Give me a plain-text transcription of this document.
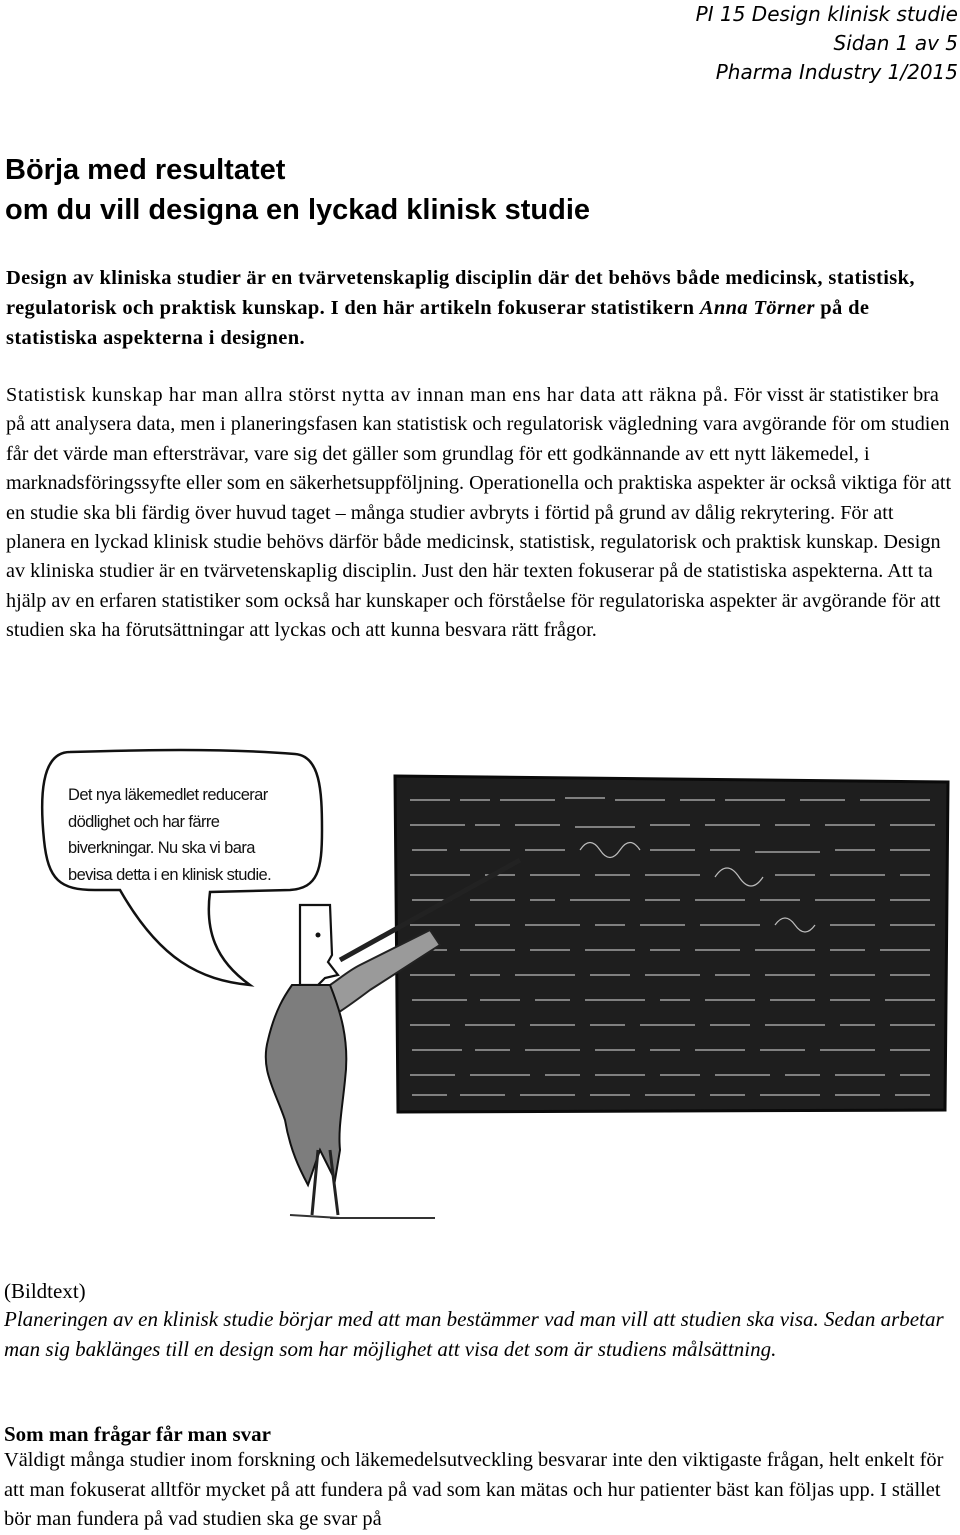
PI 15 Design klinisk studie
Sidan 1 av 5
Pharma Industry 1/2015
Börja med resultatet
om du vill designa en lyckad klinisk studie

Design av kliniska studier är en tvärvetenskaplig disciplin där det behövs både medicinsk, statistisk, regulatorisk och praktisk kunskap. I den här artikeln fokuserar statistikern Anna Törner på de statistiska aspekterna i designen.

Statistisk kunskap har man allra störst nytta av innan man ens har data att räkna på. För visst är statistiker bra på att analysera data, men i planeringsfasen kan statistisk och regulatorisk vägledning vara avgörande för om studien får det värde man eftersträvar, vare sig det gäller som grundlag för ett godkännande av ett nytt läkemedel, i marknadsföringssyfte eller som en säkerhetsuppföljning. Operationella och praktiska aspekter är också viktiga för att en studie ska bli färdig över huvud taget – många studier avbryts i förtid på grund av dålig rekrytering. För att planera en lyckad klinisk studie behövs därför både medicinsk, statistisk, regulatorisk och praktisk kunskap. Design av kliniska studier är en tvärvetenskaplig disciplin. Just den här texten fokuserar på de statistiska aspekterna. Att ta hjälp av en erfaren statistiker som också har kunskaper och förståelse för regulatoriska aspekter är avgörande för att studien ska ha förutsättningar att lyckas och att kunna besvara rätt frågor.

Det nya läkemedlet reducerar
dödlighet och har färre
biverkningar. Nu ska vi bara
bevisa detta i en klinisk studie.

(Bildtext)

Planeringen av en klinisk studie börjar med att man bestämmer vad man vill att studien ska visa. Sedan arbetar man sig baklänges till en design som har möjlighet att visa det som är studiens målsättning.

Som man frågar får man svar

Väldigt många studier inom forskning och läkemedelsutveckling besvarar inte den viktigaste frågan, helt enkelt för att man fokuserat alltför mycket på att fundera på vad som kan mätas och hur patienter bäst kan följas upp. I stället bör man fundera på vad studien ska ge svar på
